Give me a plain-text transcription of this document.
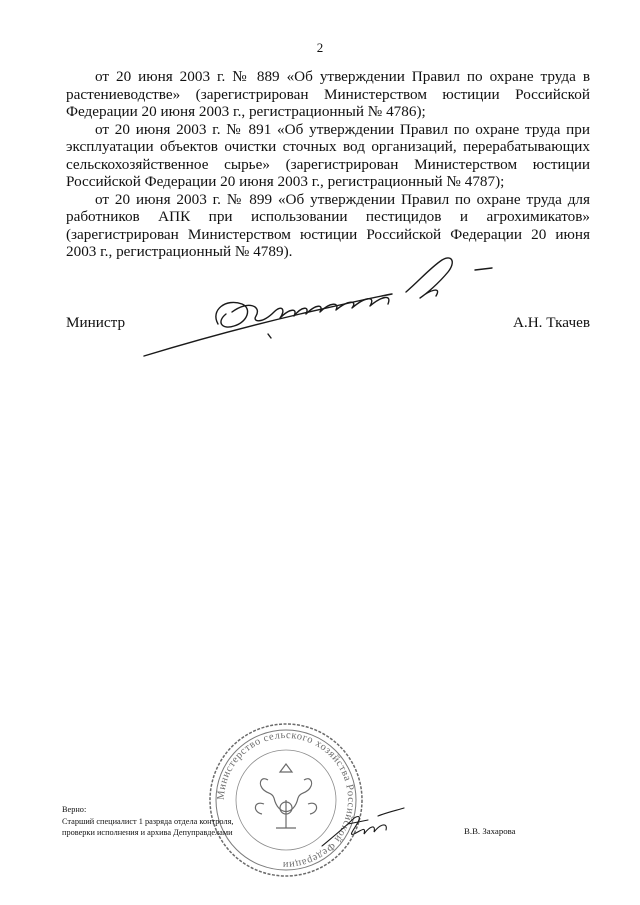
2

от 20 июня 2003 г. № 889 «Об утверждении Правил по охране труда в растениеводстве» (зарегистрирован Министерством юстиции Российской Федерации 20 июня 2003 г., регистрационный № 4786);

от 20 июня 2003 г. № 891 «Об утверждении Правил по охране труда при эксплуатации объектов очистки сточных вод организаций, перерабатывающих сельскохозяйственное сырье» (зарегистрирован Министерством юстиции Российской Федерации 20 июня 2003 г., регистрационный № 4787);

от 20 июня 2003 г. № 899 «Об утверждении Правил по охране труда для работников АПК при использовании пестицидов и агрохимикатов» (зарегистрирован Министерством юстиции Российской Федерации 20 июня 2003 г., регистрационный № 4789).

Министр	А.Н. Ткачев
Министерство сельского хозяйства Российской Федерации
Верно:
Старший специалист 1 разряда отдела контроля,
проверки исполнения и архива Депуправделами	В.В. Захарова
